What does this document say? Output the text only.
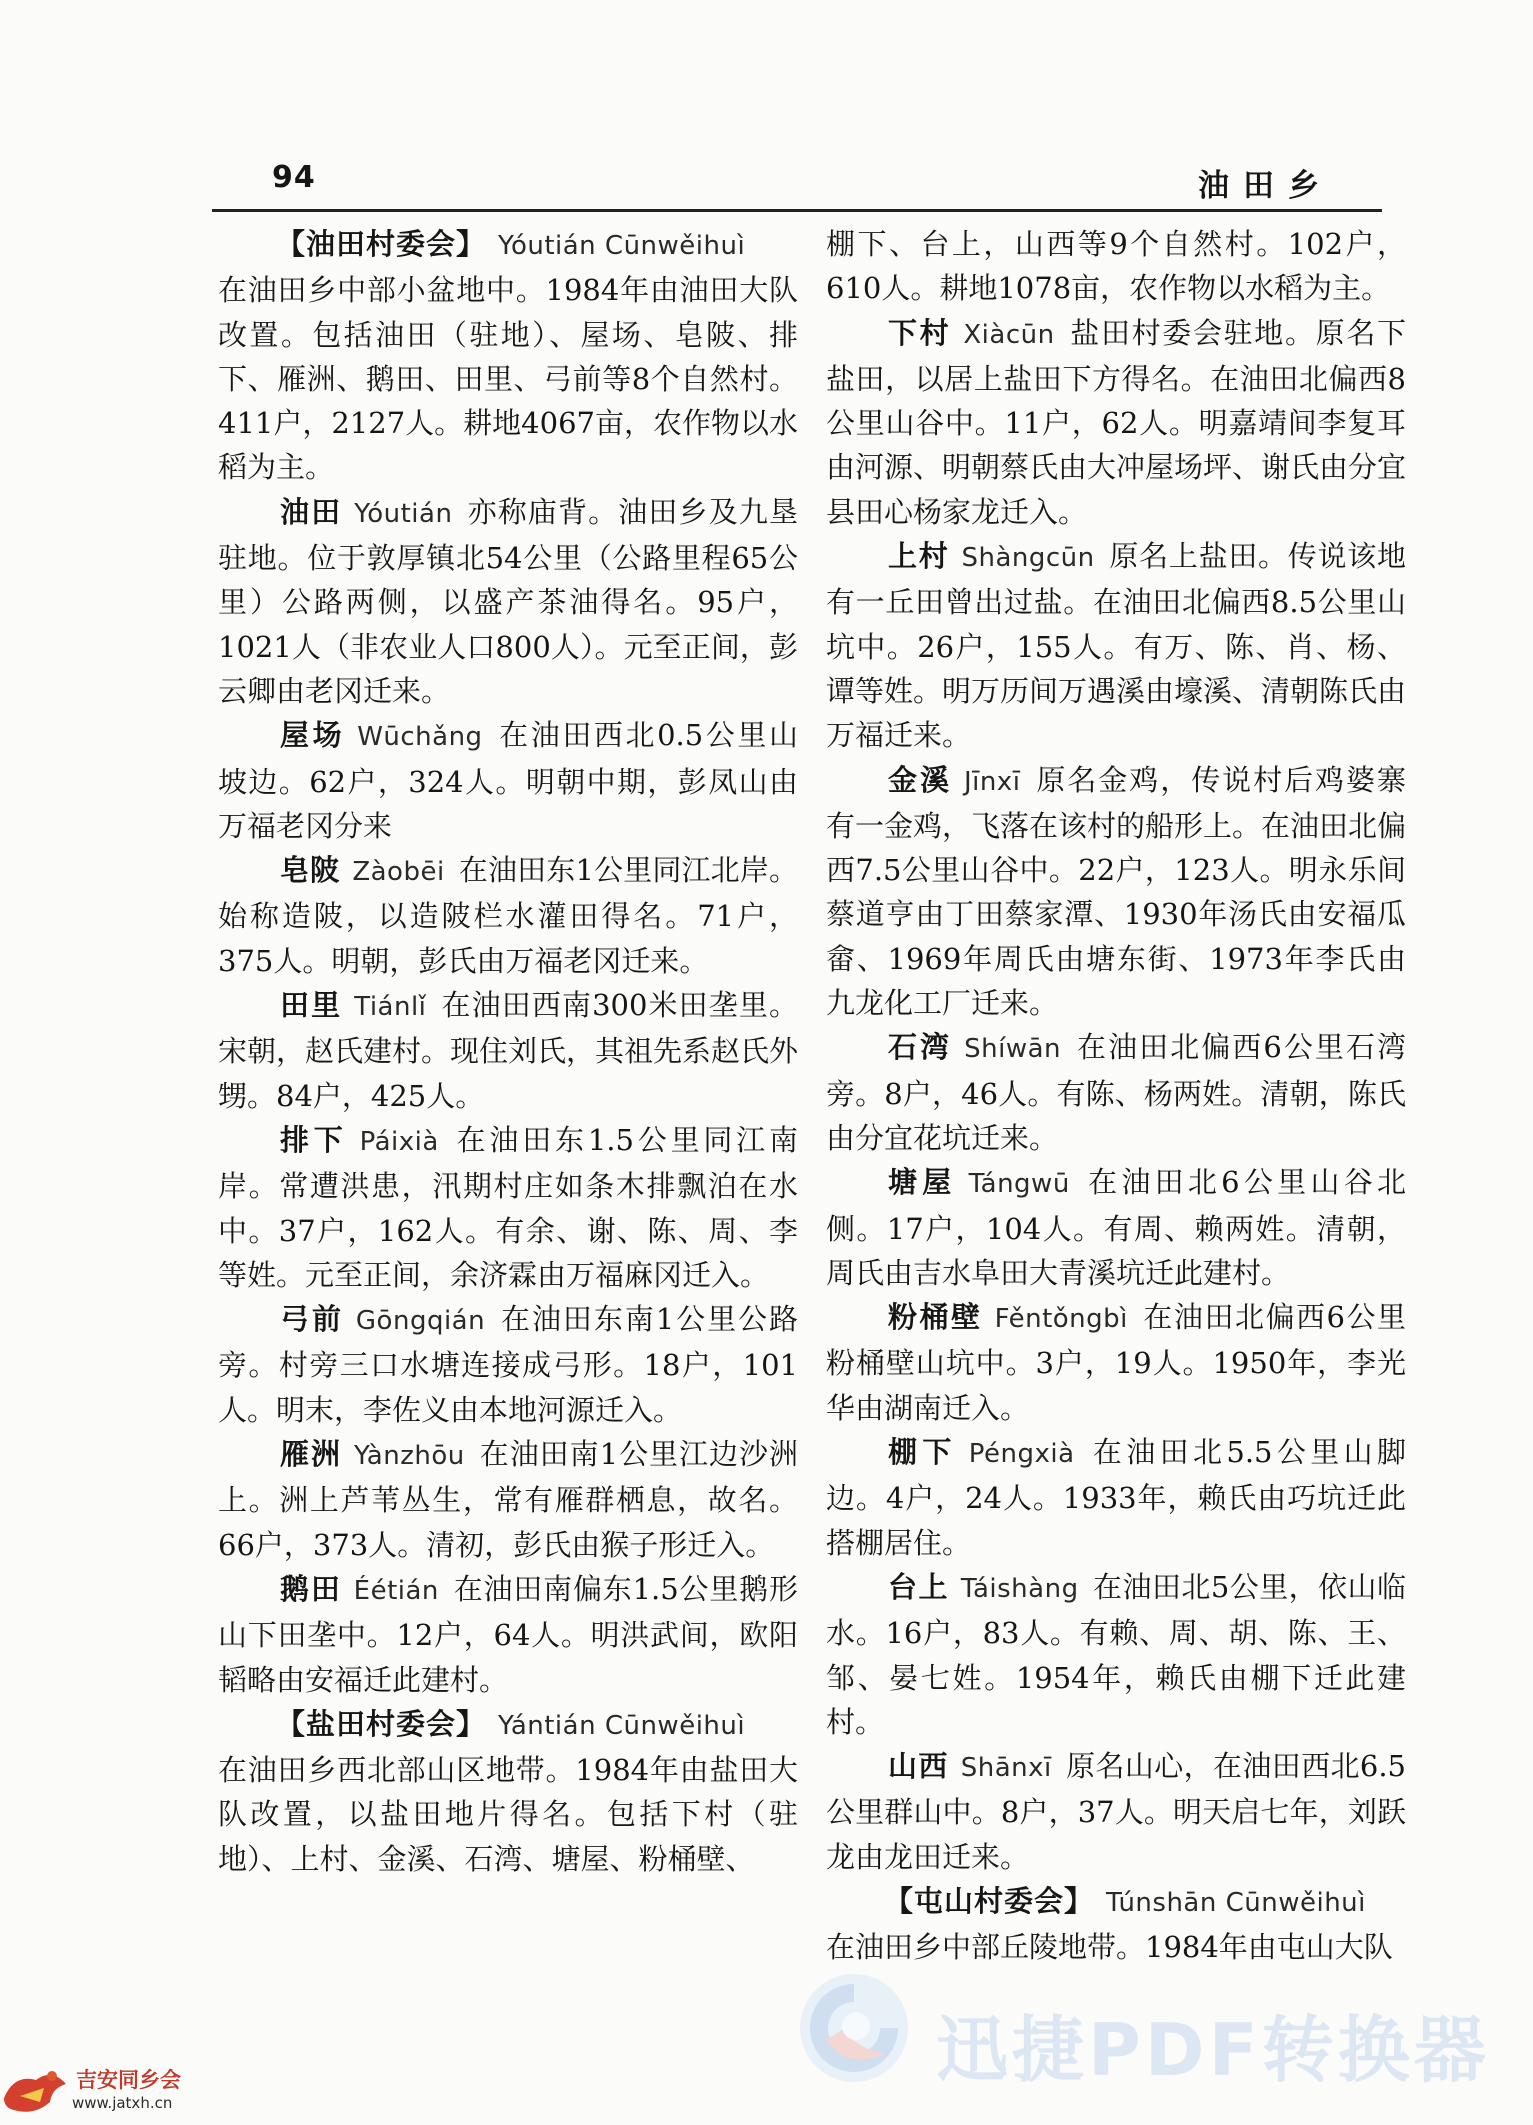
94	油田乡

【油田村委会】 Yóutián Cūnwěihuì

在油田乡中部小盆地中。1984年由油田大队改置。包括油田（驻地）、屋场、皂陂、排下、雁洲、鹅田、田里、弓前等8个自然村。411户，2127人。耕地4067亩，农作物以水稻为主。

油田 Yóutián 亦称庙背。油田乡及九垦驻地。位于敦厚镇北54公里（公路里程65公里）公路两侧，以盛产茶油得名。95户，1021人（非农业人口800人）。元至正间，彭云卿由老冈迁来。

屋场 Wūchǎng 在油田西北0.5公里山坡边。62户，324人。明朝中期，彭凤山由万福老冈分来

皂陂 Zàobēi 在油田东1公里同江北岸。始称造陂，以造陂栏水灌田得名。71户，375人。明朝，彭氏由万福老冈迁来。

田里 Tiánlǐ 在油田西南300米田垄里。宋朝，赵氏建村。现住刘氏，其祖先系赵氏外甥。84户，425人。

排下 Páixià 在油田东1.5公里同江南岸。常遭洪患，汛期村庄如条木排飘泊在水中。37户，162人。有余、谢、陈、周、李等姓。元至正间，余济霖由万福麻冈迁入。

弓前 Gōngqián 在油田东南1公里公路旁。村旁三口水塘连接成弓形。18户，101人。明末，李佐义由本地河源迁入。

雁洲 Yànzhōu 在油田南1公里江边沙洲上。洲上芦苇丛生，常有雁群栖息，故名。66户，373人。清初，彭氏由猴子形迁入。

鹅田 Éétián 在油田南偏东1.5公里鹅形山下田垄中。12户，64人。明洪武间，欧阳韬略由安福迁此建村。

【盐田村委会】 Yántián Cūnwěihuì

在油田乡西北部山区地带。1984年由盐田大队改置，以盐田地片得名。包括下村（驻地）、上村、金溪、石湾、塘屋、粉桶壁、

棚下、台上，山西等9个自然村。102户，610人。耕地1078亩，农作物以水稻为主。

下村 Xiàcūn 盐田村委会驻地。原名下盐田，以居上盐田下方得名。在油田北偏西8公里山谷中。11户，62人。明嘉靖间李复耳由河源、明朝蔡氏由大冲屋场坪、谢氏由分宜县田心杨家龙迁入。

上村 Shàngcūn 原名上盐田。传说该地有一丘田曾出过盐。在油田北偏西8.5公里山坑中。26户，155人。有万、陈、肖、杨、谭等姓。明万历间万遇溪由壕溪、清朝陈氏由万福迁来。

金溪 Jīnxī 原名金鸡，传说村后鸡婆寨有一金鸡，飞落在该村的船形上。在油田北偏西7.5公里山谷中。22户，123人。明永乐间蔡道亨由丁田蔡家潭、1930年汤氏由安福瓜畲、1969年周氏由塘东街、1973年李氏由九龙化工厂迁来。

石湾 Shíwān 在油田北偏西6公里石湾旁。8户，46人。有陈、杨两姓。清朝，陈氏由分宜花坑迁来。

塘屋 Tángwū 在油田北6公里山谷北侧。17户，104人。有周、赖两姓。清朝，周氏由吉水阜田大青溪坑迁此建村。

粉桶壁 Fěntǒngbì 在油田北偏西6公里粉桶壁山坑中。3户，19人。1950年，李光华由湖南迁入。

棚下 Péngxià 在油田北5.5公里山脚边。4户，24人。1933年，赖氏由巧坑迁此搭棚居住。

台上 Táishàng 在油田北5公里，依山临水。16户，83人。有赖、周、胡、陈、王、邹、晏七姓。1954年，赖氏由棚下迁此建村。

山西 Shānxī 原名山心，在油田西北6.5公里群山中。8户，37人。明天启七年，刘跃龙由龙田迁来。

【屯山村委会】 Túnshān Cūnwěihuì

在油田乡中部丘陵地带。1984年由屯山大队

迅捷PDF转换器
吉安同乡会
www.jatxh.cn
